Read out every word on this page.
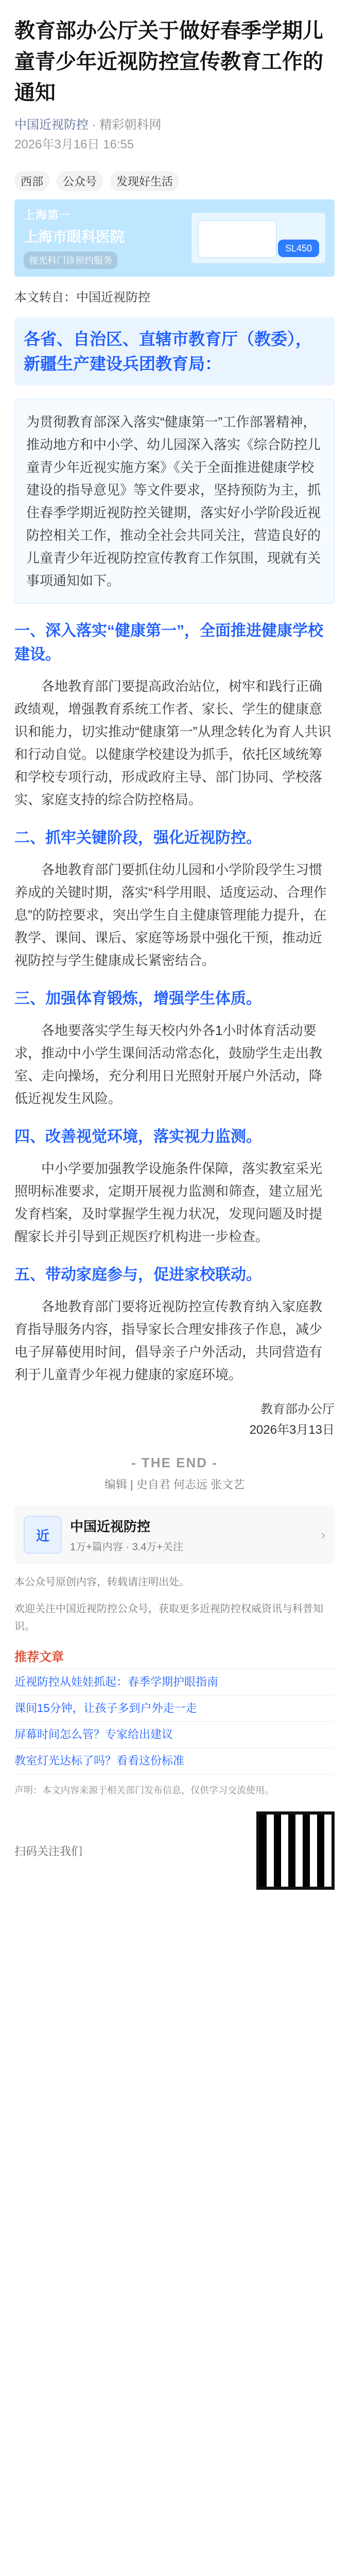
教育部办公厅关于做好春季学期儿童青少年近视防控宣传教育工作的通知
中国近视防控 · 精彩朝科网
2026年3月16日 16:55
西部	公众号	发现好生活
上海第一
上海市眼科医院
视光科门诊预约服务
SL450
本文转自：中国近视防控
各省、自治区、直辖市教育厅（教委），新疆生产建设兵团教育局：
为贯彻教育部深入落实“健康第一”工作部署精神，推动地方和中小学、幼儿园深入落实《综合防控儿童青少年近视实施方案》《关于全面推进健康学校建设的指导意见》等文件要求，坚持预防为主，抓住春季学期近视防控关键期，落实好小学阶段近视防控相关工作，推动全社会共同关注，营造良好的儿童青少年近视防控宣传教育工作氛围，现就有关事项通知如下。
一、深入落实“健康第一”，全面推进健康学校建设。
各地教育部门要提高政治站位，树牢和践行正确政绩观，增强教育系统工作者、家长、学生的健康意识和能力，切实推动“健康第一”从理念转化为育人共识和行动自觉。以健康学校建设为抓手，依托区域统筹和学校专项行动，形成政府主导、部门协同、学校落实、家庭支持的综合防控格局。
二、抓牢关键阶段，强化近视防控。
各地教育部门要抓住幼儿园和小学阶段学生习惯养成的关键时期，落实“科学用眼、适度运动、合理作息”的防控要求，突出学生自主健康管理能力提升，在教学、课间、课后、家庭等场景中强化干预，推动近视防控与学生健康成长紧密结合。
三、加强体育锻炼，增强学生体质。
各地要落实学生每天校内外各1小时体育活动要求，推动中小学生课间活动常态化，鼓励学生走出教室、走向操场，充分利用日光照射开展户外活动，降低近视发生风险。
四、改善视觉环境，落实视力监测。
中小学要加强教学设施条件保障，落实教室采光照明标准要求，定期开展视力监测和筛查，建立屈光发育档案，及时掌握学生视力状况，发现问题及时提醒家长并引导到正规医疗机构进一步检查。
五、带动家庭参与，促进家校联动。
各地教育部门要将近视防控宣传教育纳入家庭教育指导服务内容，指导家长合理安排孩子作息，减少电子屏幕使用时间，倡导亲子户外活动，共同营造有利于儿童青少年视力健康的家庭环境。
教育部办公厅
2026年3月13日
- THE END -
编辑 | 史自君 何志远 张文艺
近
中国近视防控
1万+篇内容 · 3.4万+关注
›
本公众号原创内容，转载请注明出处。
欢迎关注中国近视防控公众号，获取更多近视防控权威资讯与科普知识。
推荐文章
近视防控从娃娃抓起：春季学期护眼指南
课间15分钟，让孩子多到户外走一走
屏幕时间怎么管？专家给出建议
教室灯光达标了吗？看看这份标准
声明：本文内容来源于相关部门发布信息，仅供学习交流使用。
扫码关注我们
